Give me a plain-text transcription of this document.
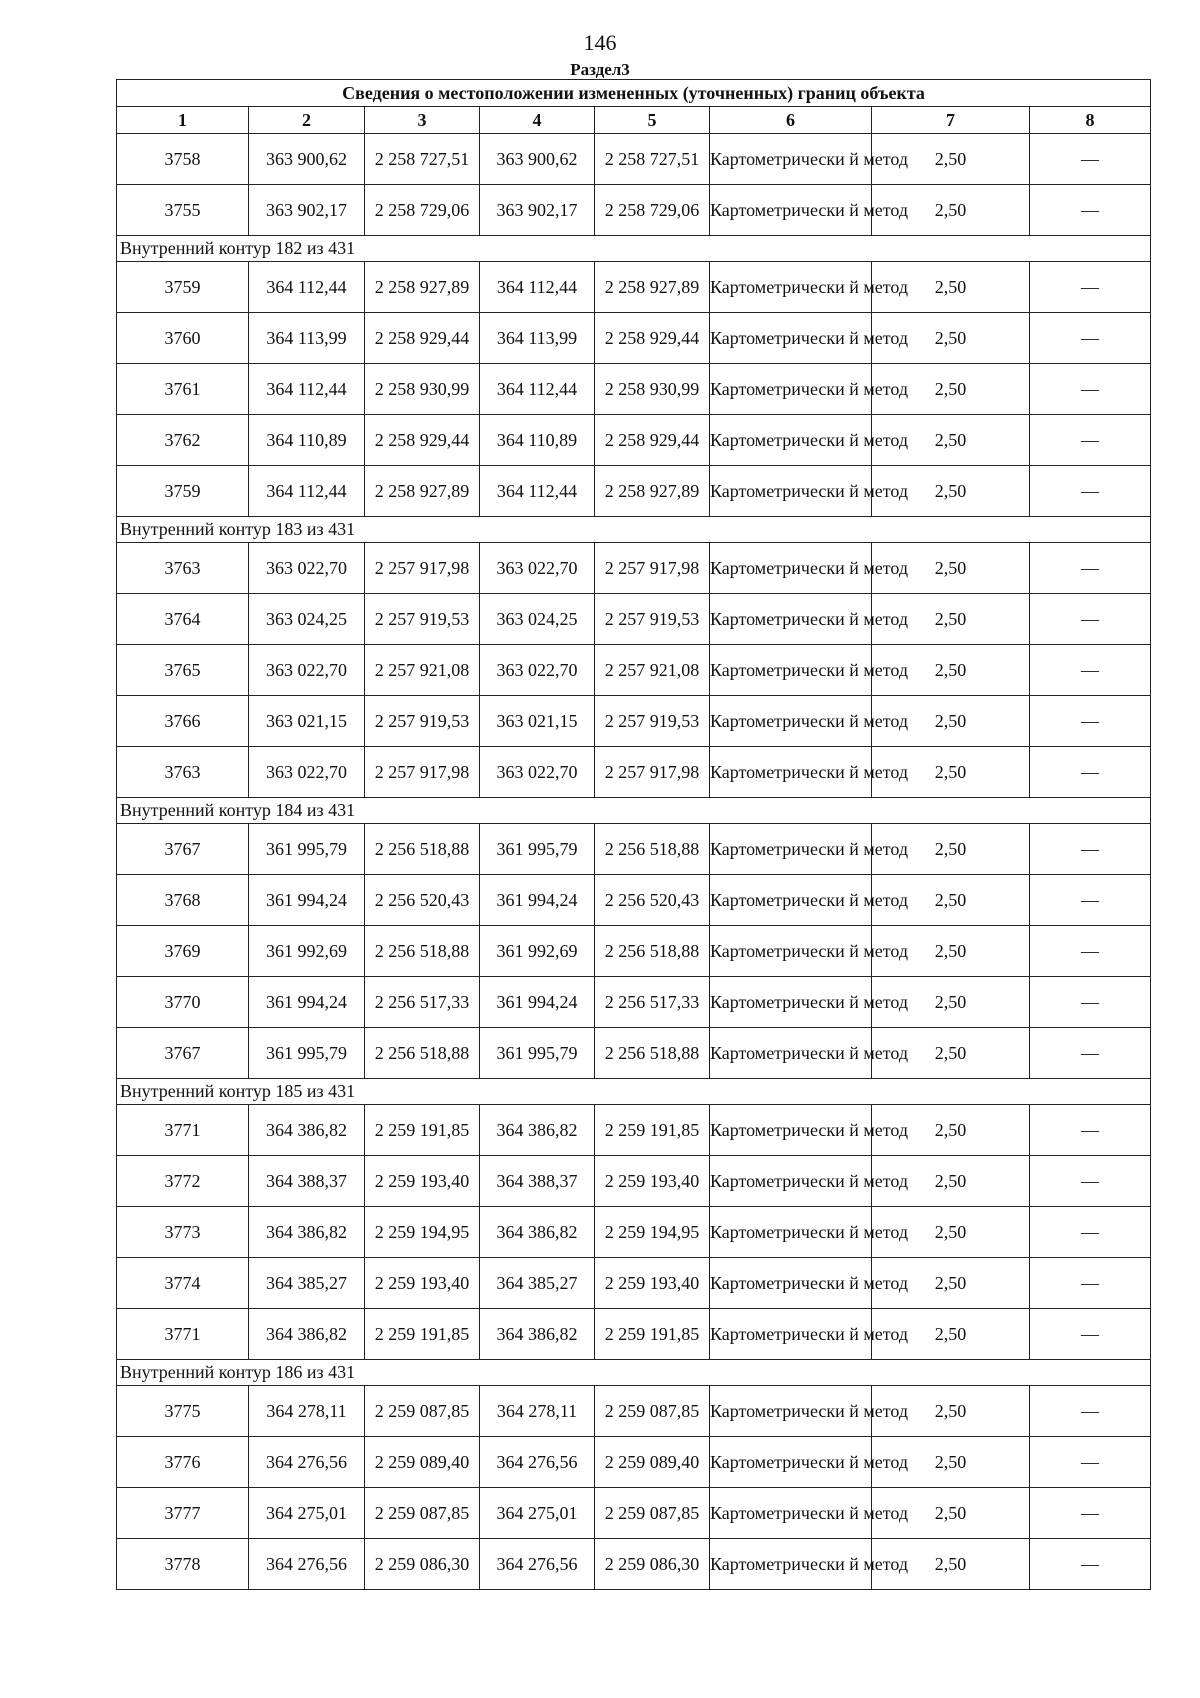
146
Раздел3
Сведения о местоположении измененных (уточненных) границ объекта							
1	2	3	4	5	6	7	8
3758	363 900,62	2 258 727,51	363 900,62	2 258 727,51	Картометрически й метод	2,50	—
3755	363 902,17	2 258 729,06	363 902,17	2 258 729,06	Картометрически й метод	2,50	—
Внутренний контур 182 из 431							
3759	364 112,44	2 258 927,89	364 112,44	2 258 927,89	Картометрически й метод	2,50	—
3760	364 113,99	2 258 929,44	364 113,99	2 258 929,44	Картометрически й метод	2,50	—
3761	364 112,44	2 258 930,99	364 112,44	2 258 930,99	Картометрически й метод	2,50	—
3762	364 110,89	2 258 929,44	364 110,89	2 258 929,44	Картометрически й метод	2,50	—
3759	364 112,44	2 258 927,89	364 112,44	2 258 927,89	Картометрически й метод	2,50	—
Внутренний контур 183 из 431							
3763	363 022,70	2 257 917,98	363 022,70	2 257 917,98	Картометрически й метод	2,50	—
3764	363 024,25	2 257 919,53	363 024,25	2 257 919,53	Картометрически й метод	2,50	—
3765	363 022,70	2 257 921,08	363 022,70	2 257 921,08	Картометрически й метод	2,50	—
3766	363 021,15	2 257 919,53	363 021,15	2 257 919,53	Картометрически й метод	2,50	—
3763	363 022,70	2 257 917,98	363 022,70	2 257 917,98	Картометрически й метод	2,50	—
Внутренний контур 184 из 431							
3767	361 995,79	2 256 518,88	361 995,79	2 256 518,88	Картометрически й метод	2,50	—
3768	361 994,24	2 256 520,43	361 994,24	2 256 520,43	Картометрически й метод	2,50	—
3769	361 992,69	2 256 518,88	361 992,69	2 256 518,88	Картометрически й метод	2,50	—
3770	361 994,24	2 256 517,33	361 994,24	2 256 517,33	Картометрически й метод	2,50	—
3767	361 995,79	2 256 518,88	361 995,79	2 256 518,88	Картометрически й метод	2,50	—
Внутренний контур 185 из 431							
3771	364 386,82	2 259 191,85	364 386,82	2 259 191,85	Картометрически й метод	2,50	—
3772	364 388,37	2 259 193,40	364 388,37	2 259 193,40	Картометрически й метод	2,50	—
3773	364 386,82	2 259 194,95	364 386,82	2 259 194,95	Картометрически й метод	2,50	—
3774	364 385,27	2 259 193,40	364 385,27	2 259 193,40	Картометрически й метод	2,50	—
3771	364 386,82	2 259 191,85	364 386,82	2 259 191,85	Картометрически й метод	2,50	—
Внутренний контур 186 из 431							
3775	364 278,11	2 259 087,85	364 278,11	2 259 087,85	Картометрически й метод	2,50	—
3776	364 276,56	2 259 089,40	364 276,56	2 259 089,40	Картометрически й метод	2,50	—
3777	364 275,01	2 259 087,85	364 275,01	2 259 087,85	Картометрически й метод	2,50	—
3778	364 276,56	2 259 086,30	364 276,56	2 259 086,30	Картометрически й метод	2,50	—
